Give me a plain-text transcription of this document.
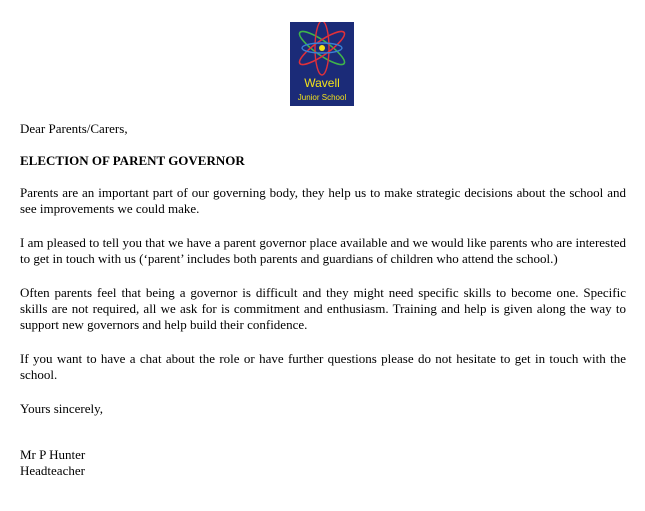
Wavell
Junior School

Dear Parents/Carers,

ELECTION OF PARENT GOVERNOR

Parents are an important part of our governing body, they help us to make strategic decisions about the school and see improvements we could make.

I am pleased to tell you that we have a parent governor place available and we would like parents who are interested to get in touch with us (‘parent’ includes both parents and guardians of children who attend the school.)

Often parents feel that being a governor is difficult and they might need specific skills to become one. Specific skills are not required, all we ask for is commitment and enthusiasm. Training and help is given along the way to support new governors and help build their confidence.

If you want to have a chat about the role or have further questions please do not hesitate to get in touch with the school.

Yours sincerely,

Mr P Hunter

Headteacher
